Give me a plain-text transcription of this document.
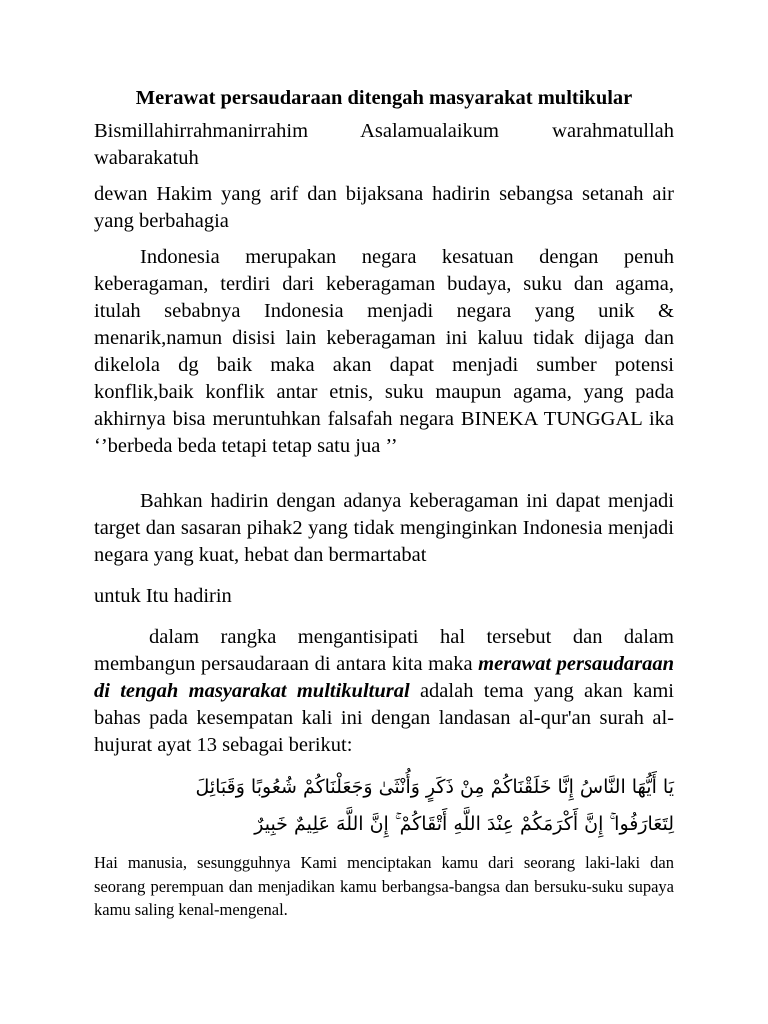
Merawat persaudaraan ditengah masyarakat multikular

Bismillahirrahmanirrahim Asalamualaikum warahmatullah wabarakatuh

dewan Hakim yang arif dan bijaksana hadirin sebangsa setanah air yang berbahagia

Indonesia merupakan negara kesatuan dengan penuh keberagaman, terdiri dari keberagaman budaya, suku dan agama, itulah sebabnya Indonesia menjadi negara yang unik & menarik,namun disisi lain keberagaman ini kaluu tidak dijaga dan dikelola dg baik maka akan dapat menjadi sumber potensi konflik,baik konflik antar etnis, suku maupun agama, yang pada akhirnya bisa meruntuhkan falsafah negara BINEKA TUNGGAL ika ‘’berbeda beda tetapi tetap satu jua ’’

Bahkan hadirin dengan adanya keberagaman ini dapat menjadi target dan sasaran pihak2 yang tidak menginginkan Indonesia menjadi negara yang kuat, hebat dan bermartabat

untuk Itu hadirin

dalam rangka mengantisipati hal tersebut dan dalam membangun persaudaraan di antara kita maka merawat persaudaraan di tengah masyarakat multikultural adalah tema yang akan kami bahas pada kesempatan kali ini dengan landasan al-qur'an surah al-hujurat ayat 13 sebagai berikut:

يَا أَيُّهَا النَّاسُ إِنَّا خَلَقْنَاكُمْ مِنْ ذَكَرٍ وَأُنْثَىٰ وَجَعَلْنَاكُمْ شُعُوبًا وَقَبَائِلَ
لِتَعَارَفُوا ۚ إِنَّ أَكْرَمَكُمْ عِنْدَ اللَّهِ أَتْقَاكُمْ ۚ إِنَّ اللَّهَ عَلِيمٌ خَبِيرٌ

Hai manusia, sesungguhnya Kami menciptakan kamu dari seorang laki-laki dan seorang perempuan dan menjadikan kamu berbangsa-bangsa dan bersuku-suku supaya kamu saling kenal-mengenal.
